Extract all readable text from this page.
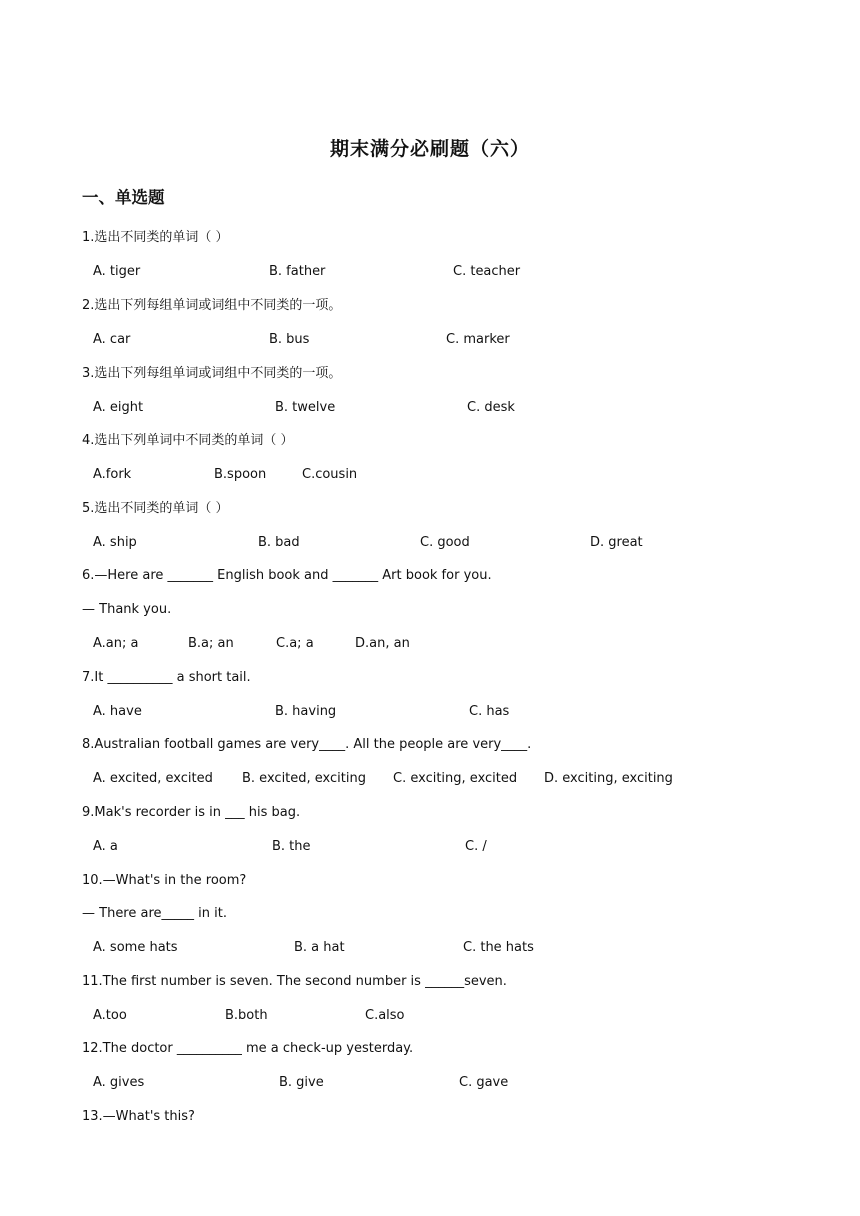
期末满分必刷题（六）
一、单选题
1.选出不同类的单词（ ）
A. tiger	B. father	C. teacher
2.选出下列每组单词或词组中不同类的一项。
A. car	B. bus	C. marker
3.选出下列每组单词或词组中不同类的一项。
A. eight	B. twelve	C. desk
4.选出下列单词中不同类的单词（ ）
A.fork	B.spoon	C.cousin
5.选出不同类的单词（ ）
A. ship	B. bad	C. good	D. great
6.—Here are _______ English book and _______ Art book for you.
— Thank you.
A.an; a	B.a; an	C.a; a	D.an, an
7.It __________ a short tail.
A. have	B. having	C. has
8.Australian football games are very____. All the people are very____.
A. excited, excited B. excited, exciting C. exciting, excited D. exciting, exciting
9.Mak's recorder is in ___ his bag.
A. a	B. the	C. /
10.—What's in the room?
— There are_____ in it.
A. some hats	B. a hat	C. the hats
11.The first number is seven. The second number is ______seven.
A.too	B.both	C.also
12.The doctor __________ me a check-up yesterday.
A. gives	B. give	C. gave
13.—What's this?
